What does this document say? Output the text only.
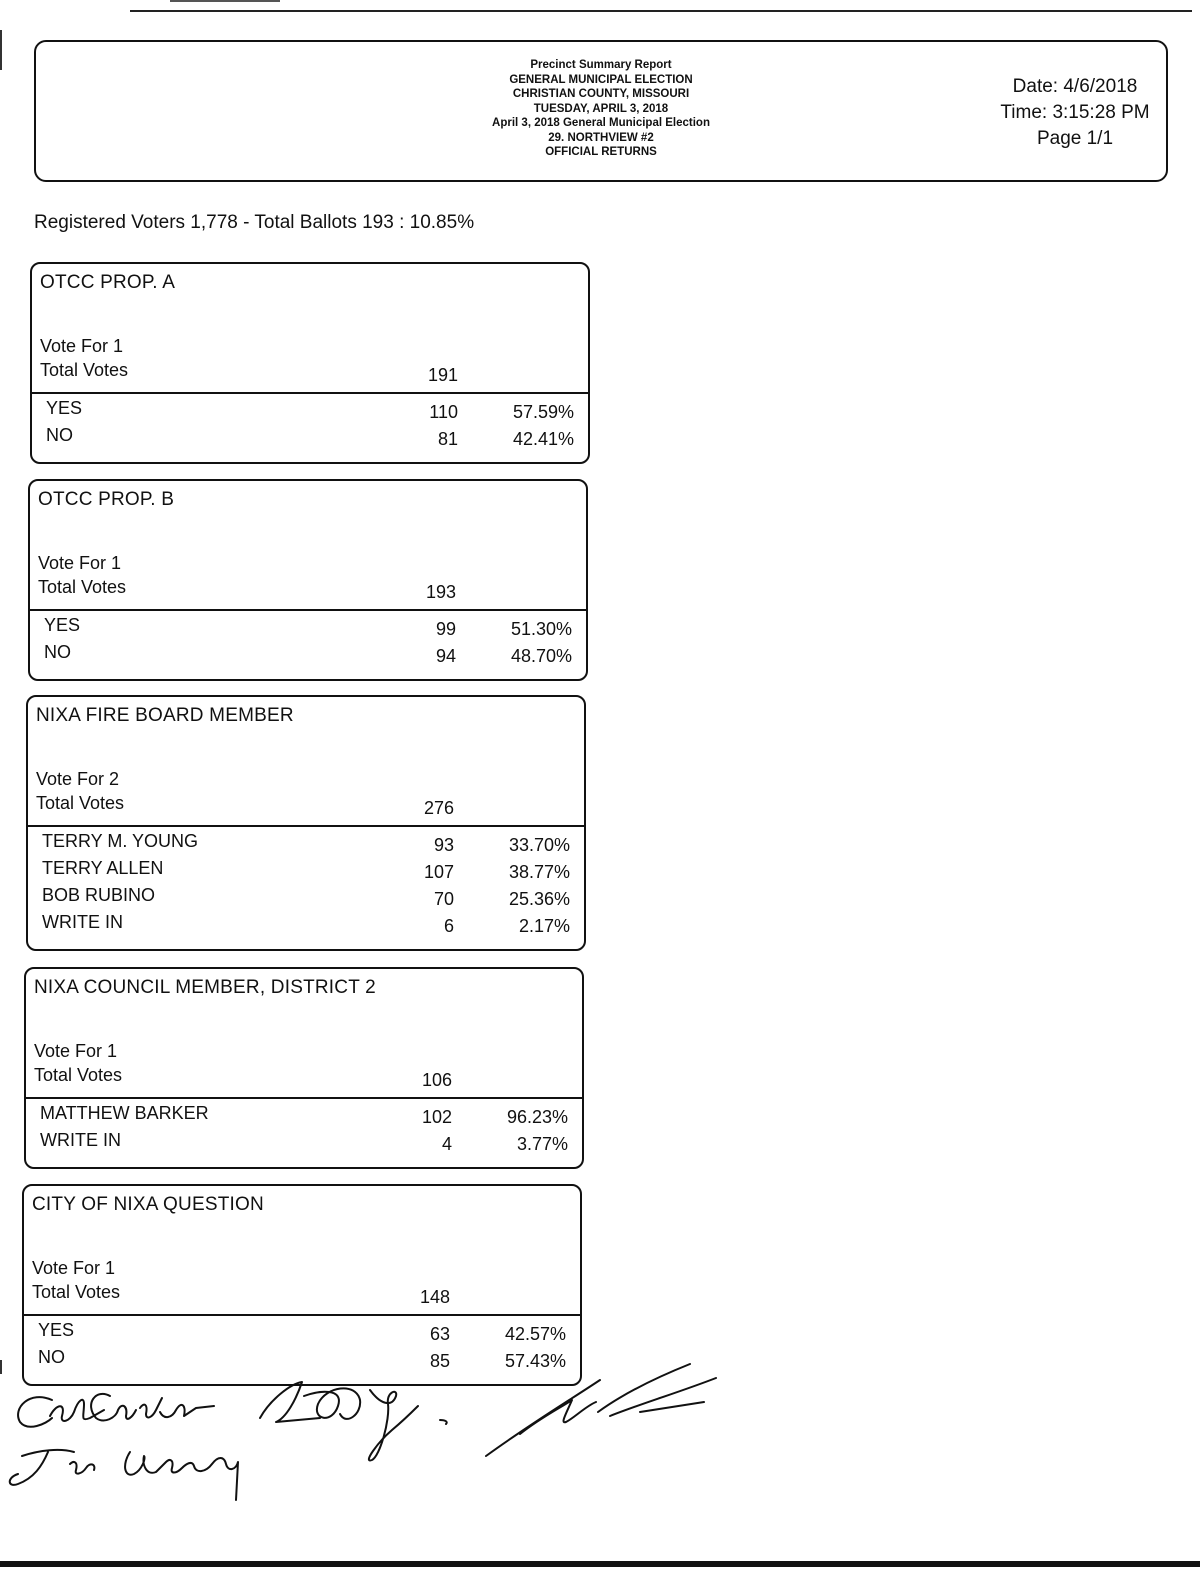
Precinct Summary Report
GENERAL MUNICIPAL ELECTION
CHRISTIAN COUNTY, MISSOURI
TUESDAY, APRIL 3, 2018
April 3, 2018 General Municipal Election
29. NORTHVIEW #2
OFFICIAL RETURNS
Date: 4/6/2018
Time: 3:15:28 PM
Page 1/1
Registered Voters 1,778 - Total Ballots 193 : 10.85%
OTCC PROP. A
Vote For 1
Total Votes	191
YES	110	57.59%
NO	81	42.41%
OTCC PROP. B
Vote For 1
Total Votes	193
YES	99	51.30%
NO	94	48.70%
NIXA FIRE BOARD MEMBER
Vote For 2
Total Votes	276
TERRY M. YOUNG	93	33.70%
TERRY ALLEN	107	38.77%
BOB RUBINO	70	25.36%
WRITE IN	6	2.17%
NIXA COUNCIL MEMBER, DISTRICT 2
Vote For 1
Total Votes	106
MATTHEW BARKER	102	96.23%
WRITE IN	4	3.77%
CITY OF NIXA QUESTION
Vote For 1
Total Votes	148
YES	63	42.57%
NO	85	57.43%
